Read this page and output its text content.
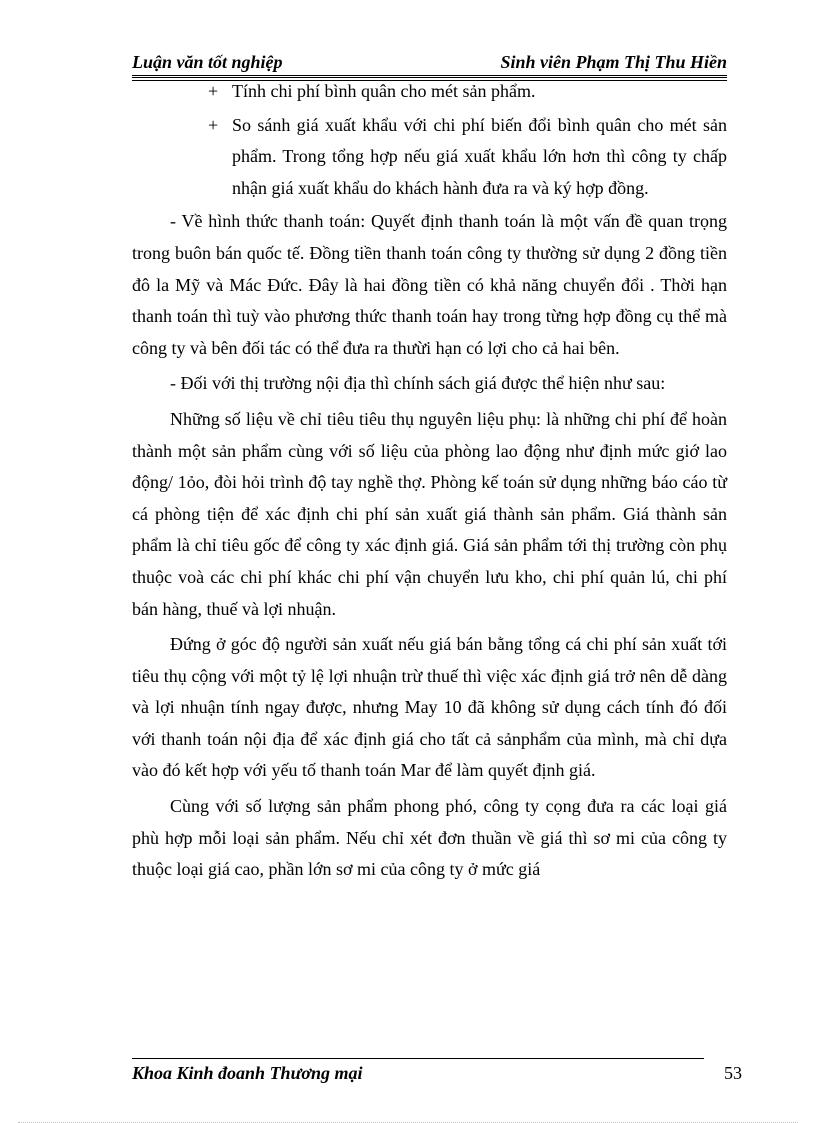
Luận văn tốt nghiệp	Sinh viên Phạm Thị Thu Hiền

+ Tính chi phí bình quân cho mét sản phẩm.

+ So sánh giá xuất khẩu với chi phí biến đổi bình quân cho mét sản phẩm. Trong tổng hợp nếu giá xuất khẩu lớn hơn thì công ty chấp nhận giá xuất khẩu do khách hành đưa ra và ký hợp đồng.

- Về hình thức thanh toán: Quyết định thanh toán là một vấn đề quan trọng trong buôn bán quốc tế. Đồng tiền thanh toán công ty thường sử dụng 2 đồng tiền đô la Mỹ và Mác Đức. Đây là hai đồng tiền có khả năng chuyển đổi . Thời hạn thanh toán thì tuỳ vào phương thức thanh toán hay trong từng hợp đồng cụ thể mà công ty và bên đối tác có thể đưa ra thưừi hạn có lợi cho cả hai bên.

- Đối với thị trường nội địa thì chính sách giá được thể hiện như sau:

Những số liệu về chỉ tiêu tiêu thụ nguyên liệu phụ: là những chi phí để hoàn thành một sản phẩm cùng với số liệu của phòng lao động như định mức giớ lao động/ 1ỏo, đòi hỏi trình độ tay nghề thợ. Phòng kế toán sử dụng những báo cáo từ cá phòng tiện để xác định chi phí sản xuất giá thành sản phẩm. Giá thành sản phẩm là chỉ tiêu gốc để công ty xác định giá. Giá sản phẩm tới thị trường còn phụ thuộc voà các chi phí khác chi phí vận chuyển lưu kho, chi phí quản lú, chi phí bán hàng, thuế và lợi nhuận.

Đứng ở góc độ người sản xuất nếu giá bán bằng tổng cá chi phí sản xuất tới tiêu thụ cộng với một tỷ lệ lợi nhuận trừ thuế thì việc xác định giá trở nên dễ dàng và lợi nhuận tính ngay được, nhưng May 10 đã không sử dụng cách tính đó đối với thanh toán nội địa để xác định giá cho tất cả sảnphẩm của mình, mà chỉ dựa vào đó kết hợp với yếu tố thanh toán Mar để làm quyết định giá.

Cùng với số lượng sản phẩm phong phó, công ty cọng đưa ra các loại giá phù hợp mỗi loại sản phẩm. Nếu chỉ xét đơn thuần về giá thì sơ mi của công ty thuộc loại giá cao, phần lớn sơ mi của công ty ở mức giá

Khoa Kinh đoanh Thương mại	53
